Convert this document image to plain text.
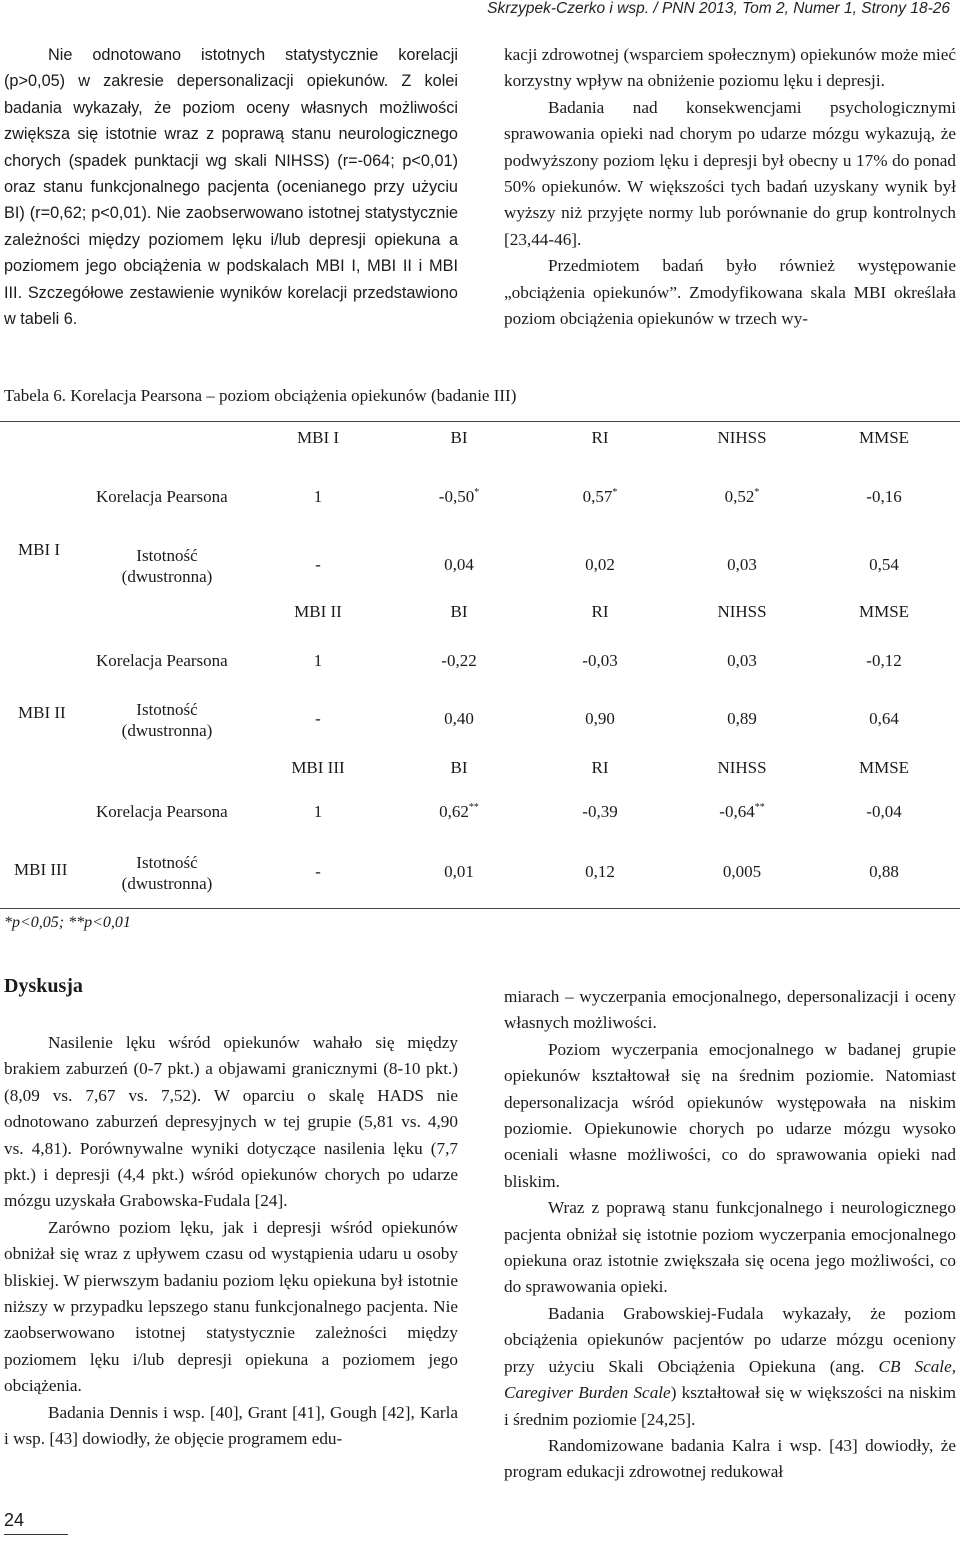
Skrzypek-Czerko i wsp. / PNN 2013, Tom 2, Numer 1, Strony 18-26

Nie odnotowano istotnych statystycznie korelacji (p>0,05) w zakresie depersonalizacji opiekunów. Z kolei badania wykazały, że poziom oceny własnych możliwości zwiększa się istotnie wraz z poprawą stanu neurologicznego chorych (spadek punktacji wg skali NIHSS) (r=-064; p<0,01) oraz stanu funkcjonalnego pacjenta (ocenianego przy użyciu BI) (r=0,62; p<0,01). Nie zaobserwowano istotnej statystycznie zależności między poziomem lęku i/lub depresji opiekuna a poziomem jego obciążenia w podskalach MBI I, MBI II i MBI III. Szczegółowe zestawienie wyników korelacji przedstawiono w tabeli 6.

kacji zdrowotnej (wsparciem społecznym) opiekunów może mieć korzystny wpływ na obniżenie poziomu lęku i depresji.

Badania nad konsekwencjami psychologicznymi sprawowania opieki nad chorym po udarze mózgu wykazują, że podwyższony poziom lęku i depresji był obecny u 17% do ponad 50% opiekunów. W większości tych badań uzyskany wynik był wyższy niż przyjęte normy lub porównanie do grup kontrolnych [23,44-46].

Przedmiotem badań było również występowanie „obciążenia opiekunów”. Zmodyfikowana skala MBI określała poziom obciążenia opiekunów w trzech wy-

Tabela 6. Korelacja Pearsona – poziom obciążenia opiekunów (badanie III)
MBI I	BI	RI	NIHSS	MMSE
MBI I
Korelacja Pearsona	1	-0,50*	0,57*	0,52*	-0,16
Istotność
(dwustronna)
-	0,04	0,02	0,03	0,54
MBI II	BI	RI	NIHSS	MMSE
MBI II
Korelacja Pearsona	1	-0,22	-0,03	0,03	-0,12
Istotność
(dwustronna)
-	0,40	0,90	0,89	0,64
MBI III	BI	RI	NIHSS	MMSE
MBI III
Korelacja Pearsona	1	0,62**	-0,39	-0,64**	-0,04
Istotność
(dwustronna)
-	0,01	0,12	0,005	0,88
*p<0,05; **p<0,01
Dyskusja

Nasilenie lęku wśród opiekunów wahało się między brakiem zaburzeń (0-7 pkt.) a objawami granicznymi (8-10 pkt.) (8,09 vs. 7,67 vs. 7,52). W oparciu o skalę HADS nie odnotowano zaburzeń depresyjnych w tej grupie (5,81 vs. 4,90 vs. 4,81). Porównywalne wyniki dotyczące nasilenia lęku (7,7 pkt.) i depresji (4,4 pkt.) wśród opiekunów chorych po udarze mózgu uzyskała Grabowska-Fudala [24].

Zarówno poziom lęku, jak i depresji wśród opiekunów obniżał się wraz z upływem czasu od wystąpienia udaru u osoby bliskiej. W pierwszym badaniu poziom lęku opiekuna był istotnie niższy w przypadku lepszego stanu funkcjonalnego pacjenta. Nie zaobserwowano istotnej statystycznie zależności między poziomem lęku i/lub depresji opiekuna a poziomem jego obciążenia.

Badania Dennis i wsp. [40], Grant [41], Gough [42], Karla i wsp. [43] dowiodły, że objęcie programem edu-

miarach – wyczerpania emocjonalnego, depersonalizacji i oceny własnych możliwości.

Poziom wyczerpania emocjonalnego w badanej grupie opiekunów kształtował się na średnim poziomie. Natomiast depersonalizacja wśród opiekunów występowała na niskim poziomie. Opiekunowie chorych po udarze mózgu wysoko oceniali własne możliwości, co do sprawowania opieki nad bliskim.

Wraz z poprawą stanu funkcjonalnego i neurologicznego pacjenta obniżał się istotnie poziom wyczerpania emocjonalnego opiekuna oraz istotnie zwiększała się ocena jego możliwości, co do sprawowania opieki.

Badania Grabowskiej-Fudala wykazały, że poziom obciążenia opiekunów pacjentów po udarze mózgu oceniony przy użyciu Skali Obciążenia Opiekuna (ang. CB Scale, Caregiver Burden Scale) kształtował się w większości na niskim i średnim poziomie [24,25].

Randomizowane badania Kalra i wsp. [43] dowiodły, że program edukacji zdrowotnej redukował

24
